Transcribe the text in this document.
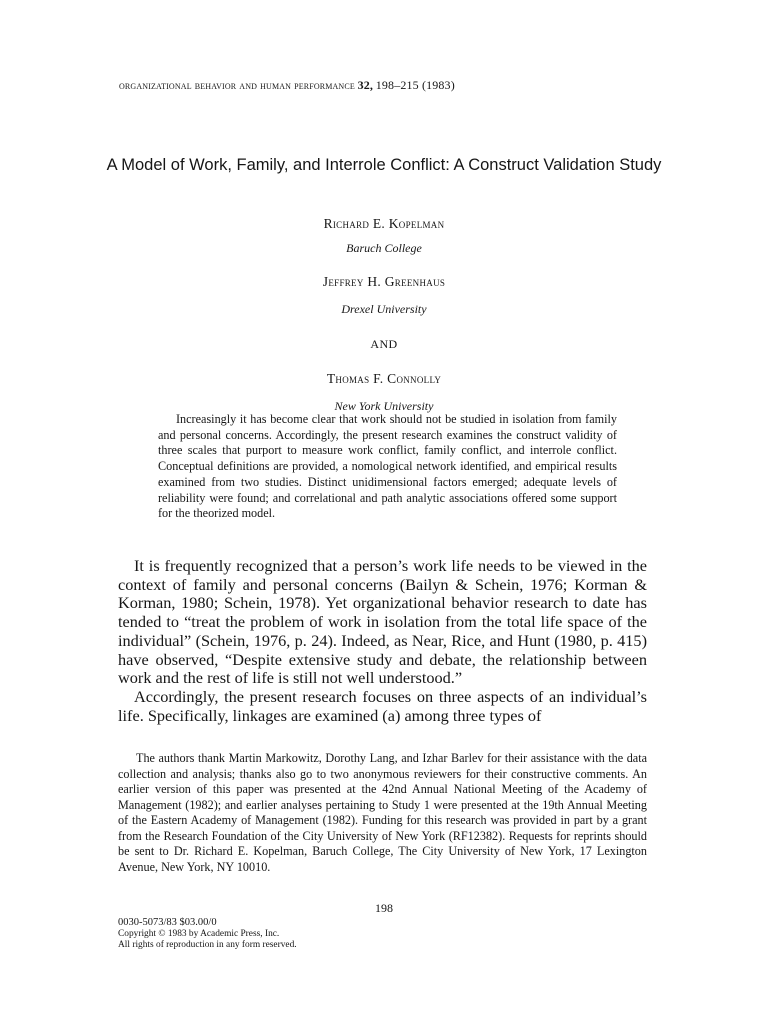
organizational behavior and human performance 32, 198–215 (1983)
A Model of Work, Family, and Interrole Conflict: A Construct Validation Study
Richard E. Kopelman
Baruch College
Jeffrey H. Greenhaus
Drexel University
AND
Thomas F. Connolly
New York University
Increasingly it has become clear that work should not be studied in isolation from family and personal concerns. Accordingly, the present research examines the construct validity of three scales that purport to measure work conflict, family conflict, and interrole conflict. Conceptual definitions are provided, a nomological network identified, and empirical results examined from two studies. Distinct unidimensional factors emerged; adequate levels of reliability were found; and correlational and path analytic associations offered some support for the theorized model.

It is frequently recognized that a person’s work life needs to be viewed in the context of family and personal concerns (Bailyn & Schein, 1976; Korman & Korman, 1980; Schein, 1978). Yet organizational behavior research to date has tended to “treat the problem of work in isolation from the total life space of the individual” (Schein, 1976, p. 24). Indeed, as Near, Rice, and Hunt (1980, p. 415) have observed, “Despite extensive study and debate, the relationship between work and the rest of life is still not well understood.”

Accordingly, the present research focuses on three aspects of an individual’s life. Specifically, linkages are examined (a) among three types of

The authors thank Martin Markowitz, Dorothy Lang, and Izhar Barlev for their assistance with the data collection and analysis; thanks also go to two anonymous reviewers for their constructive comments. An earlier version of this paper was presented at the 42nd Annual National Meeting of the Academy of Management (1982); and earlier analyses pertaining to Study 1 were presented at the 19th Annual Meeting of the Eastern Academy of Management (1982). Funding for this research was provided in part by a grant from the Research Foundation of the City University of New York (RF12382). Requests for reprints should be sent to Dr. Richard E. Kopelman, Baruch College, The City University of New York, 17 Lexington Avenue, New York, NY 10010.
198
0030-5073/83 $03.00/0
Copyright © 1983 by Academic Press, Inc.
All rights of reproduction in any form reserved.
